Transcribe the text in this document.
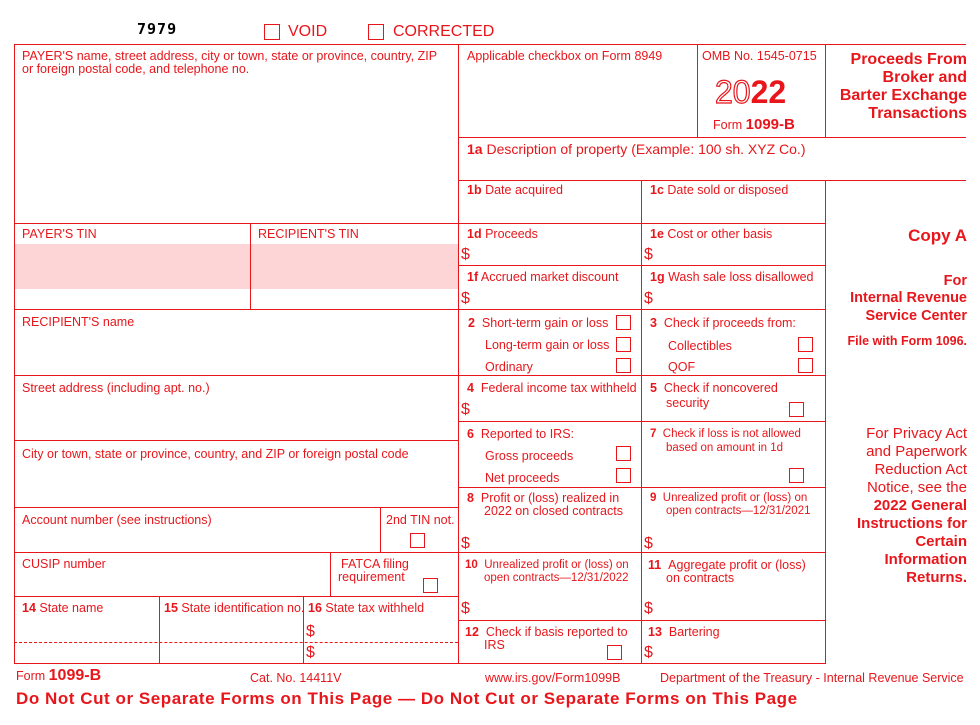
7979	VOID	CORRECTED
PAYER'S name, street address, city or town, state or province, country, ZIP
or foreign postal code, and telephone no.
PAYER'S TIN	RECIPIENT'S TIN
RECIPIENT'S name
Street address (including apt. no.)
City or town, state or province, country, and ZIP or foreign postal code
Account number (see instructions)	2nd TIN not.
CUSIP number	FATCA filing
requirement
14 State name	15 State identification no. 16 State tax withheld
$
$
Applicable checkbox on Form 8949	OMB No. 1545-0715
2022
Form 1099-B
Proceeds From
Broker and
Barter Exchange
Transactions
1a Description of property (Example: 100 sh. XYZ Co.)
1b Date acquired	1c Date sold or disposed
1d Proceeds
$
1e Cost or other basis
$
1f Accrued market discount
$
1g Wash sale loss disallowed
$
2 Short-term gain or loss
Long-term gain or loss
Ordinary
3 Check if proceeds from:
Collectibles
QOF
4 Federal income tax withheld
$
5 Check if noncovered
security
6 Reported to IRS:
Gross proceeds
Net proceeds
7 Check if loss is not allowed
based on amount in 1d
8 Profit or (loss) realized in
2022 on closed contracts
$
9 Unrealized profit or (loss) on
open contracts—12/31/2021
$
10 Unrealized profit or (loss) on
open contracts—12/31/2022
$
11 Aggregate profit or (loss)
on contracts
$
12 Check if basis reported to
IRS
13 Bartering
$
Copy A
For
Internal Revenue
Service Center
File with Form 1096.
For Privacy Act
and Paperwork
Reduction Act
Notice, see the
2022 General
Instructions for
Certain
Information
Returns.
Form 1099-B	Cat. No. 14411V	www.irs.gov/Form1099B	Department of the Treasury - Internal Revenue Service
Do Not Cut or Separate Forms on This Page — Do Not Cut or Separate Forms on This Page
